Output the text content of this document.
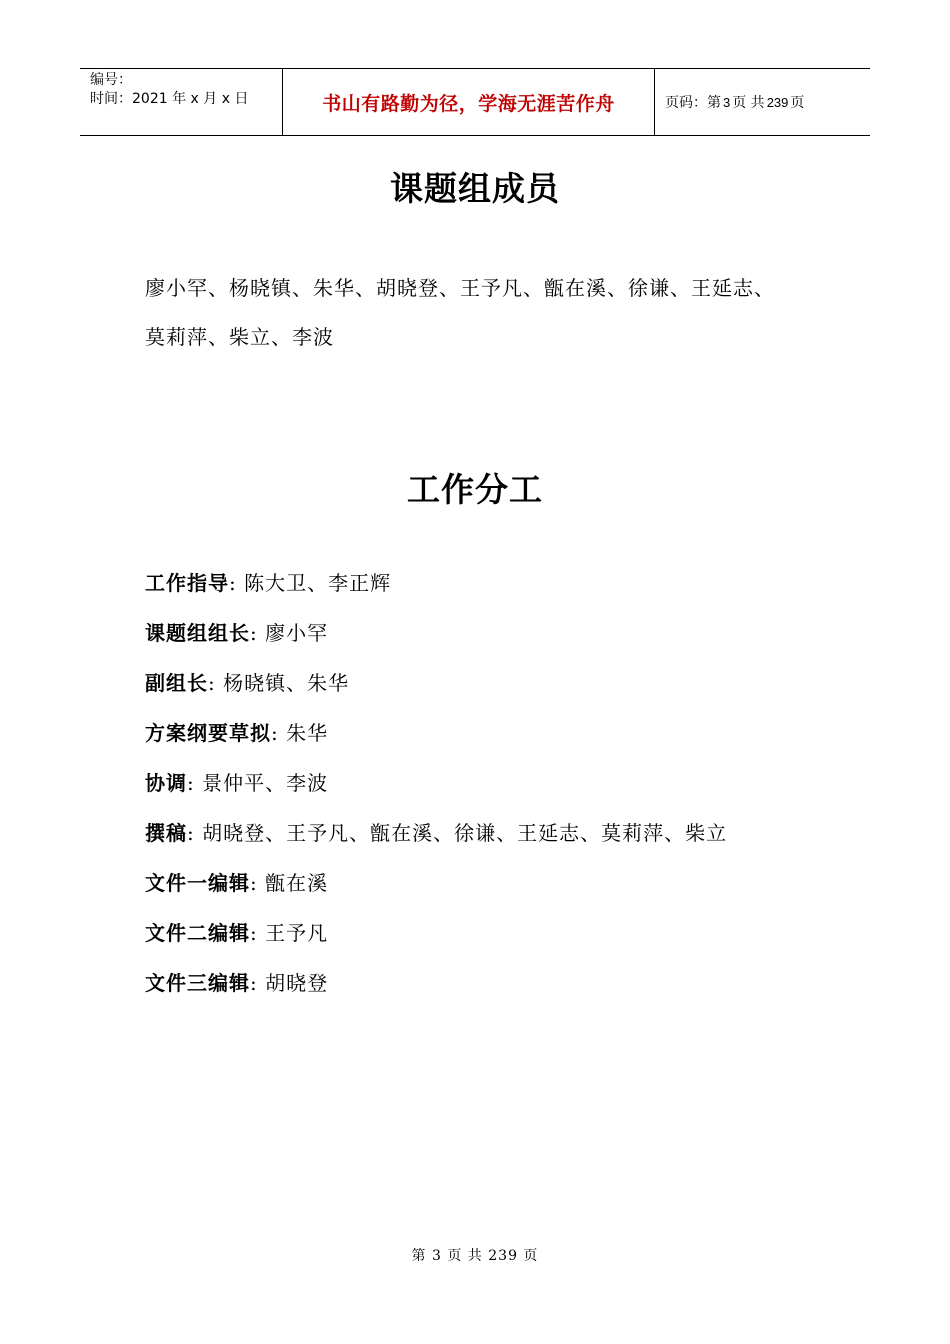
编号：
时间：2021 年 x 月 x 日	书山有路勤为径，学海无涯苦作舟	页码：第 3 页 共 239 页
课题组成员
廖小罕、杨晓镇、朱华、胡晓登、王予凡、甑在溪、徐谦、王延志、
莫莉萍、柴立、李波
工作分工
工作指导: 陈大卫、李正辉
课题组组长: 廖小罕
副组长: 杨晓镇、朱华
方案纲要草拟: 朱华
协调: 景仲平、李波
撰稿: 胡晓登、王予凡、甑在溪、徐谦、王延志、莫莉萍、柴立
文件一编辑: 甑在溪
文件二编辑: 王予凡
文件三编辑: 胡晓登
第 3 页 共 239 页
